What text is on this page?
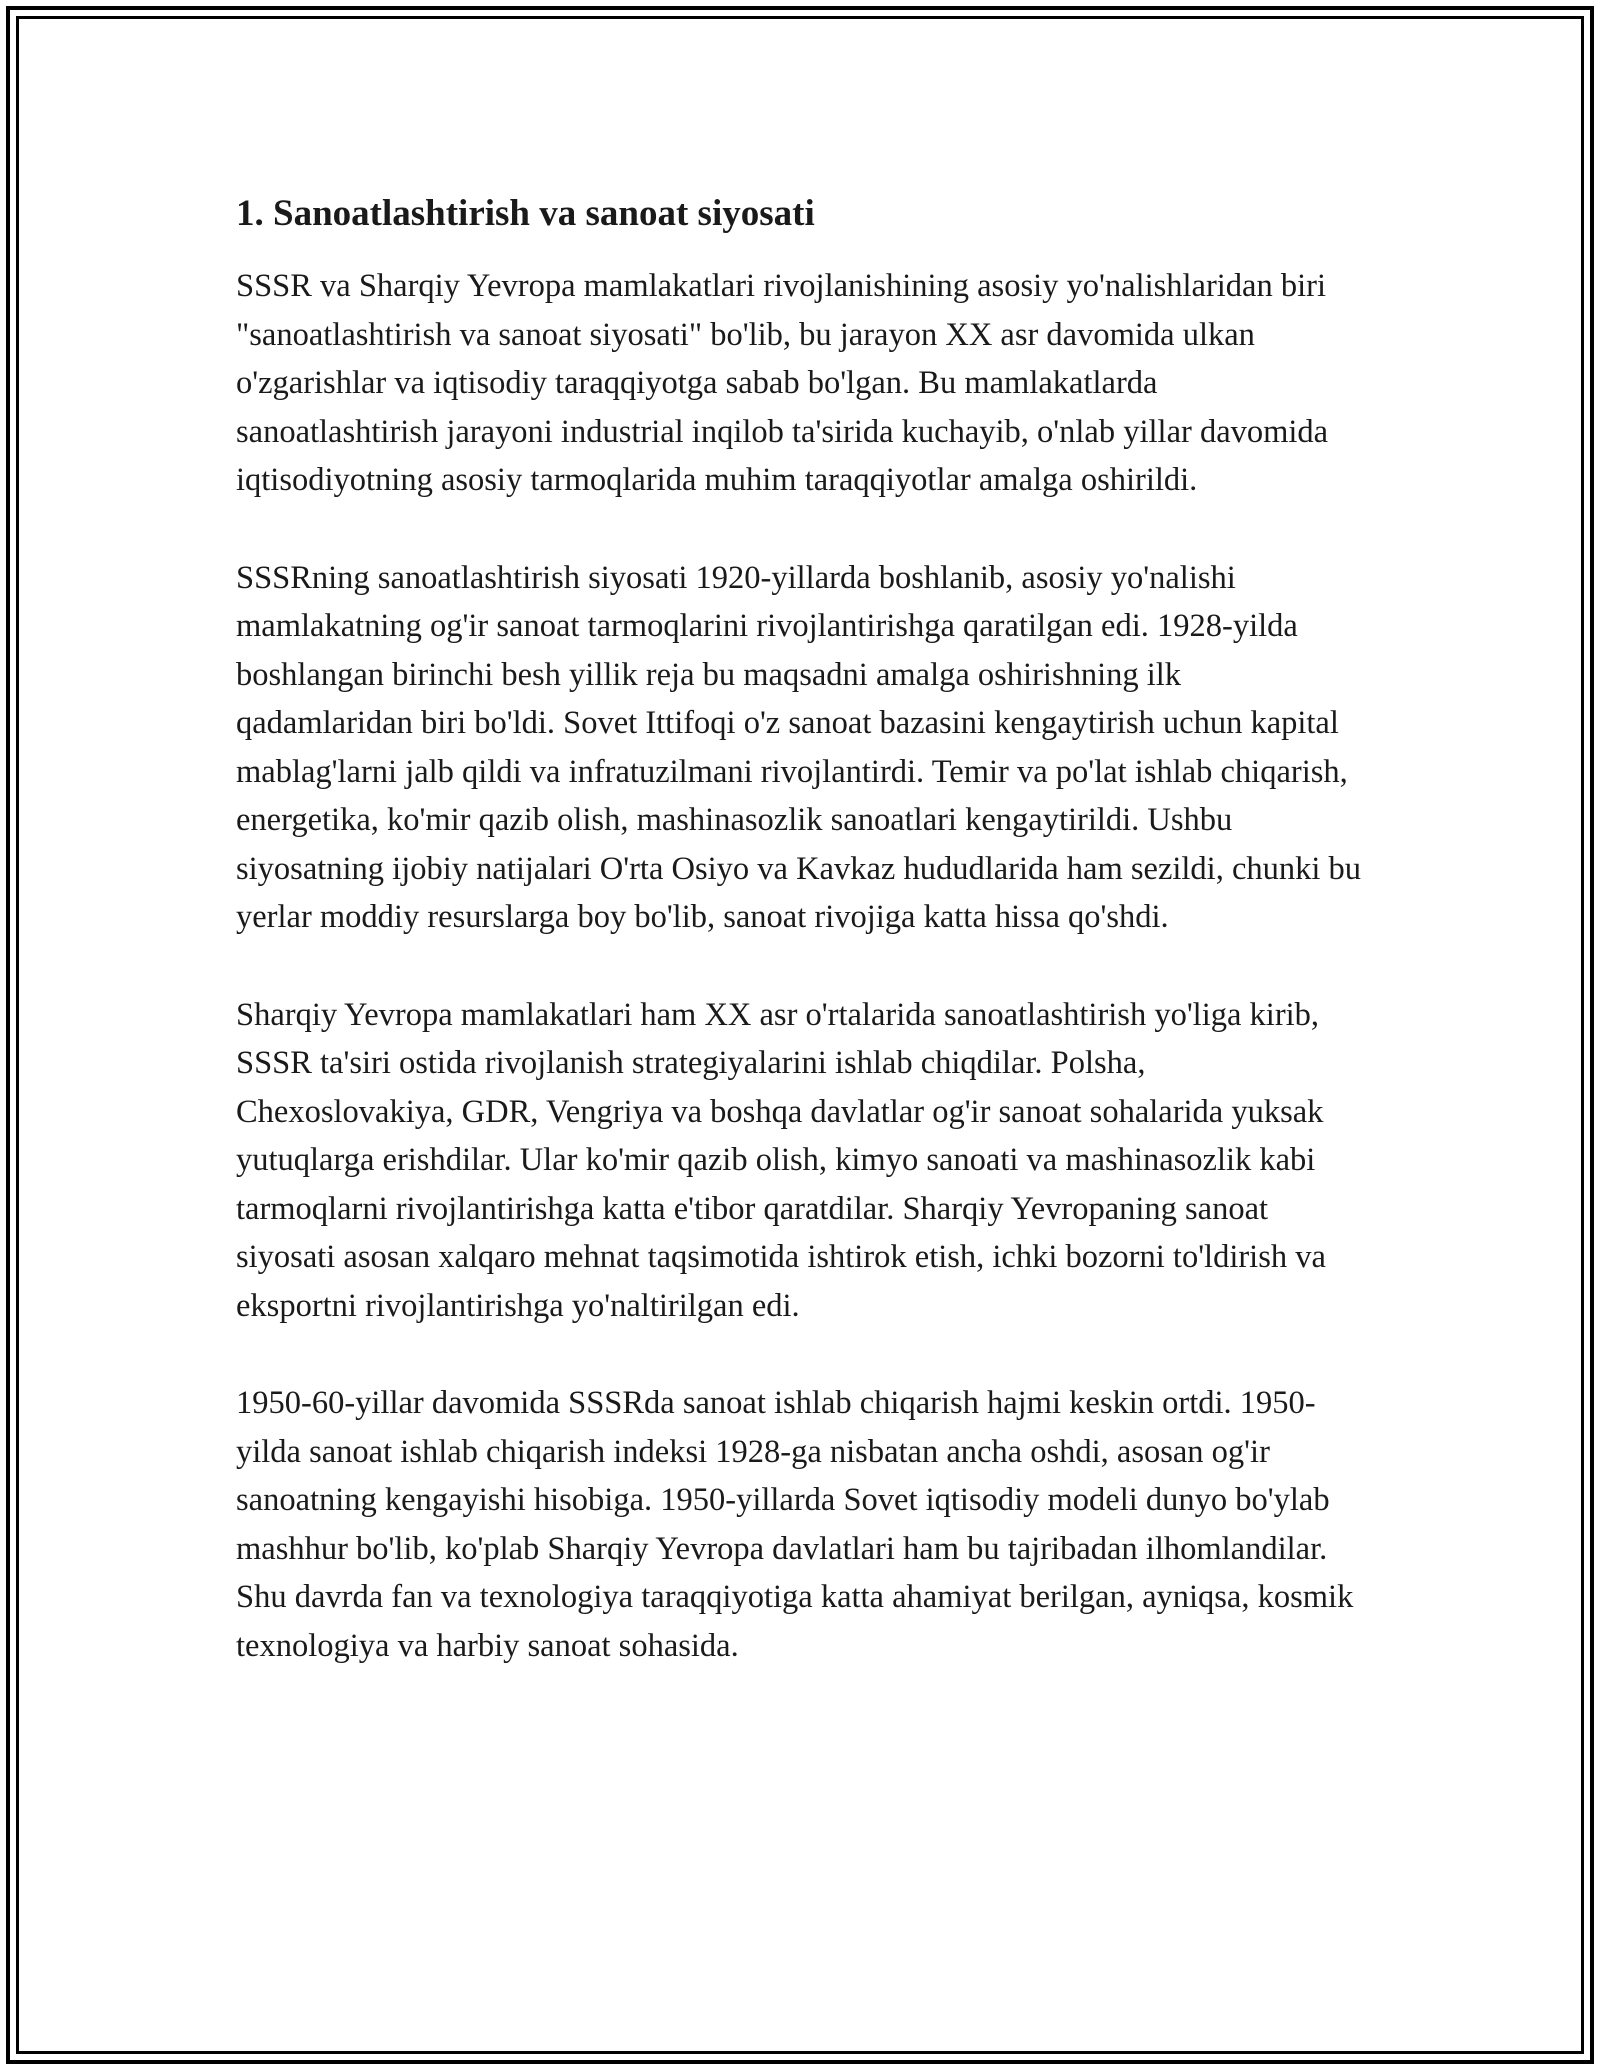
1. Sanoatlashtirish va sanoat siyosati

SSSR va Sharqiy Yevropa mamlakatlari rivojlanishining asosiy yo'nalishlaridan biri "sanoatlashtirish va sanoat siyosati" bo'lib, bu jarayon XX asr davomida ulkan o'zgarishlar va iqtisodiy taraqqiyotga sabab bo'lgan. Bu mamlakatlarda sanoatlashtirish jarayoni industrial inqilob ta'sirida kuchayib, o'nlab yillar davomida iqtisodiyotning asosiy tarmoqlarida muhim taraqqiyotlar amalga oshirildi.

SSSRning sanoatlashtirish siyosati 1920-yillarda boshlanib, asosiy yo'nalishi mamlakatning og'ir sanoat tarmoqlarini rivojlantirishga qaratilgan edi. 1928-yilda boshlangan birinchi besh yillik reja bu maqsadni amalga oshirishning ilk qadamlaridan biri bo'ldi. Sovet Ittifoqi o'z sanoat bazasini kengaytirish uchun kapital mablag'larni jalb qildi va infratuzilmani rivojlantirdi. Temir va po'lat ishlab chiqarish, energetika, ko'mir qazib olish, mashinasozlik sanoatlari kengaytirildi. Ushbu siyosatning ijobiy natijalari O'rta Osiyo va Kavkaz hududlarida ham sezildi, chunki bu yerlar moddiy resurslarga boy bo'lib, sanoat rivojiga katta hissa qo'shdi.

Sharqiy Yevropa mamlakatlari ham XX asr o'rtalarida sanoatlashtirish yo'liga kirib, SSSR ta'siri ostida rivojlanish strategiyalarini ishlab chiqdilar. Polsha, Chexoslovakiya, GDR, Vengriya va boshqa davlatlar og'ir sanoat sohalarida yuksak yutuqlarga erishdilar. Ular ko'mir qazib olish, kimyo sanoati va mashinasozlik kabi tarmoqlarni rivojlantirishga katta e'tibor qaratdilar. Sharqiy Yevropaning sanoat siyosati asosan xalqaro mehnat taqsimotida ishtirok etish, ichki bozorni to'ldirish va eksportni rivojlantirishga yo'naltirilgan edi.

1950-60-yillar davomida SSSRda sanoat ishlab chiqarish hajmi keskin ortdi. 1950-yilda sanoat ishlab chiqarish indeksi 1928-ga nisbatan ancha oshdi, asosan og'ir sanoatning kengayishi hisobiga. 1950-yillarda Sovet iqtisodiy modeli dunyo bo'ylab mashhur bo'lib, ko'plab Sharqiy Yevropa davlatlari ham bu tajribadan ilhomlandilar. Shu davrda fan va texnologiya taraqqiyotiga katta ahamiyat berilgan, ayniqsa, kosmik texnologiya va harbiy sanoat sohasida.
